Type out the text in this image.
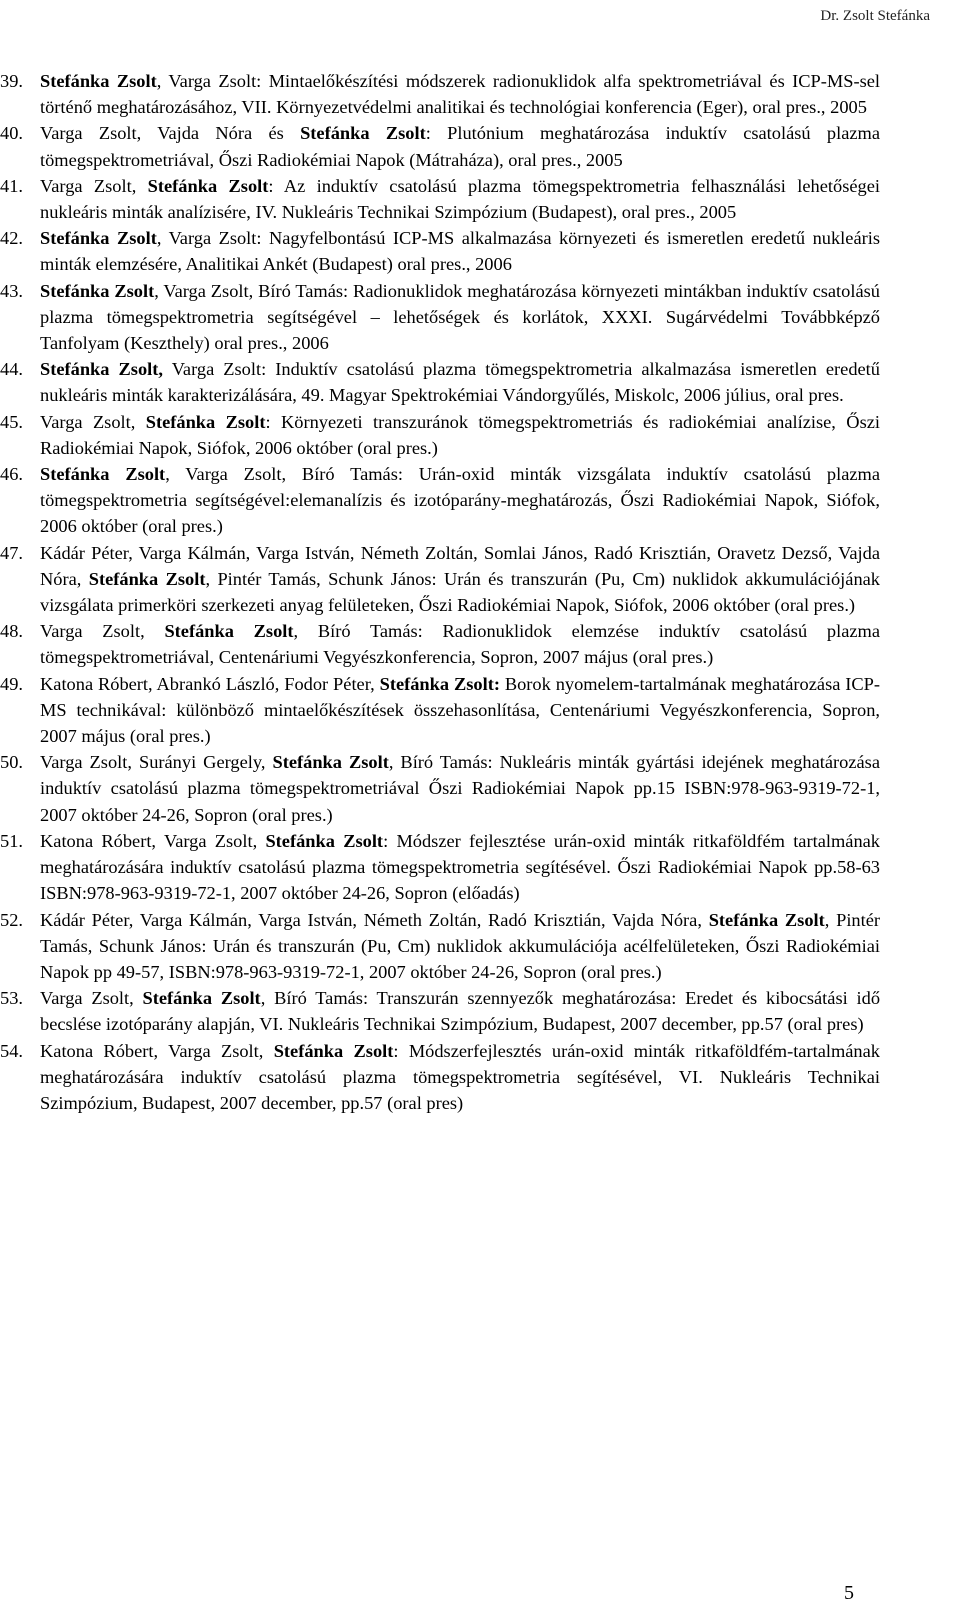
Dr. Zsolt Stefánka
39. Stefánka Zsolt, Varga Zsolt: Mintaelőkészítési módszerek radionuklidok alfa spektrometriával és ICP-MS-sel történő meghatározásához, VII. Környezetvédelmi analitikai és technológiai konferencia (Eger), oral pres., 2005
40. Varga Zsolt, Vajda Nóra és Stefánka Zsolt: Plutónium meghatározása induktív csatolású plazma tömegspektrometriával, Őszi Radiokémiai Napok (Mátraháza), oral pres., 2005
41. Varga Zsolt, Stefánka Zsolt: Az induktív csatolású plazma tömegspektrometria felhasználási lehetőségei nukleáris minták analízisére, IV. Nukleáris Technikai Szimpózium (Budapest), oral pres., 2005
42. Stefánka Zsolt, Varga Zsolt: Nagyfelbontású ICP-MS alkalmazása környezeti és ismeretlen eredetű nukleáris minták elemzésére, Analitikai Ankét (Budapest) oral pres., 2006
43. Stefánka Zsolt, Varga Zsolt, Bíró Tamás: Radionuklidok meghatározása környezeti mintákban induktív csatolású plazma tömegspektrometria segítségével – lehetőségek és korlátok, XXXI. Sugárvédelmi Továbbképző Tanfolyam (Keszthely) oral pres., 2006
44. Stefánka Zsolt, Varga Zsolt: Induktív csatolású plazma tömegspektrometria alkalmazása ismeretlen eredetű nukleáris minták karakterizálására, 49. Magyar Spektrokémiai Vándorgyűlés, Miskolc, 2006 július, oral pres.
45. Varga Zsolt, Stefánka Zsolt: Környezeti transzuránok tömegspektrometriás és radiokémiai analízise, Őszi Radiokémiai Napok, Siófok, 2006 október (oral pres.)
46. Stefánka Zsolt, Varga Zsolt, Bíró Tamás: Urán-oxid minták vizsgálata induktív csatolású plazma tömegspektrometria segítségével:elemanalízis és izotóparány-meghatározás, Őszi Radiokémiai Napok, Siófok, 2006 október (oral pres.)
47. Kádár Péter, Varga Kálmán, Varga István, Németh Zoltán, Somlai János, Radó Krisztián, Oravetz Dezső, Vajda Nóra, Stefánka Zsolt, Pintér Tamás, Schunk János: Urán és transzurán (Pu, Cm) nuklidok akkumulációjának vizsgálata primerköri szerkezeti anyag felületeken, Őszi Radiokémiai Napok, Siófok, 2006 október (oral pres.)
48. Varga Zsolt, Stefánka Zsolt, Bíró Tamás: Radionuklidok elemzése induktív csatolású plazma tömegspektrometriával, Centenáriumi Vegyészkonferencia, Sopron, 2007 május (oral pres.)
49. Katona Róbert, Abrankó László, Fodor Péter, Stefánka Zsolt: Borok nyomelem-tartalmának meghatározása ICP-MS technikával: különböző mintaelőkészítések összehasonlítása, Centenáriumi Vegyészkonferencia, Sopron, 2007 május (oral pres.)
50. Varga Zsolt, Surányi Gergely, Stefánka Zsolt, Bíró Tamás: Nukleáris minták gyártási idejének meghatározása induktív csatolású plazma tömegspektrometriával Őszi Radiokémiai Napok pp.15 ISBN:978-963-9319-72-1, 2007 október 24-26, Sopron (oral pres.)
51. Katona Róbert, Varga Zsolt, Stefánka Zsolt: Módszer fejlesztése urán-oxid minták ritkaföldfém tartalmának meghatározására induktív csatolású plazma tömegspektrometria segítésével. Őszi Radiokémiai Napok pp.58-63 ISBN:978-963-9319-72-1, 2007 október 24-26, Sopron (előadás)
52. Kádár Péter, Varga Kálmán, Varga István, Németh Zoltán, Radó Krisztián, Vajda Nóra, Stefánka Zsolt, Pintér Tamás, Schunk János: Urán és transzurán (Pu, Cm) nuklidok akkumulációja acélfelületeken, Őszi Radiokémiai Napok pp 49-57, ISBN:978-963-9319-72-1, 2007 október 24-26, Sopron (oral pres.)
53. Varga Zsolt, Stefánka Zsolt, Bíró Tamás: Transzurán szennyezők meghatározása: Eredet és kibocsátási idő becslése izotóparány alapján, VI. Nukleáris Technikai Szimpózium, Budapest, 2007 december, pp.57 (oral pres)
54. Katona Róbert, Varga Zsolt, Stefánka Zsolt: Módszerfejlesztés urán-oxid minták ritkaföldfém-tartalmának meghatározására induktív csatolású plazma tömegspektrometria segítésével, VI. Nukleáris Technikai Szimpózium, Budapest, 2007 december, pp.57 (oral pres)
5
